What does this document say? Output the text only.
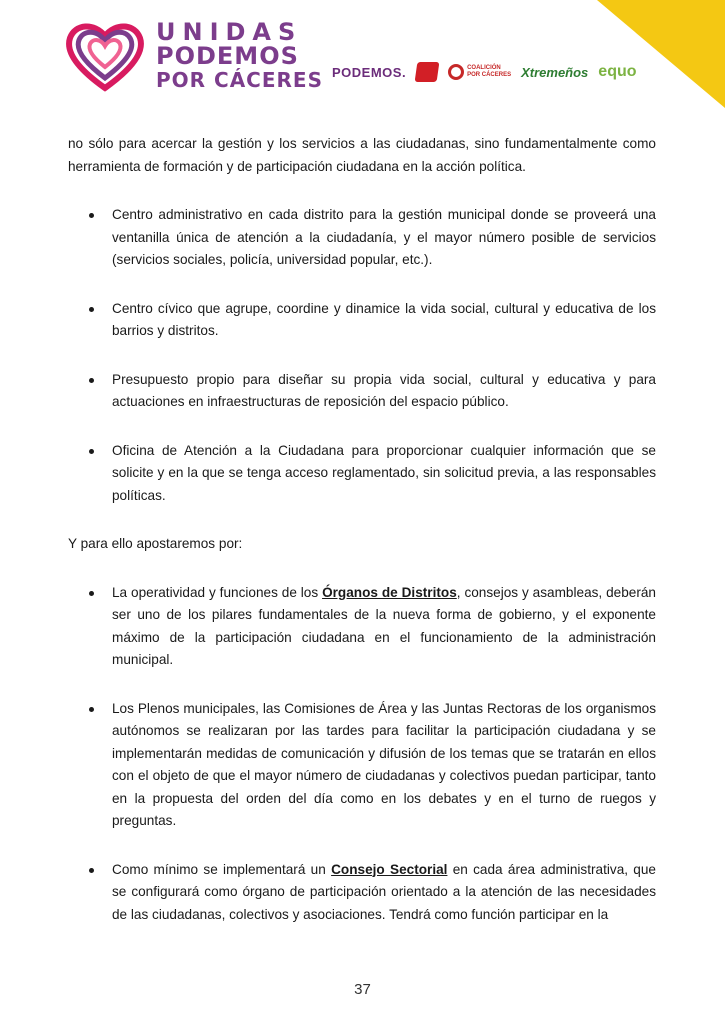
UNIDAS
PODEMOS
POR CÁCERES PODEMOS.	COALICIÓN
POR CÁCERES Xtremeños equo

no sólo para acercar la gestión y los servicios a las ciudadanas, sino fundamentalmente como herramienta de formación y de participación ciudadana en la acción política.

Centro administrativo en cada distrito para la gestión municipal donde se proveerá una ventanilla única de atención a la ciudadanía, y el mayor número posible de servicios (servicios sociales, policía, universidad popular, etc.).
Centro cívico que agrupe, coordine y dinamice la vida social, cultural y educativa de los barrios y distritos.
Presupuesto propio para diseñar su propia vida social, cultural y educativa y para actuaciones en infraestructuras de reposición del espacio público.
Oficina de Atención a la Ciudadana para proporcionar cualquier información que se solicite y en la que se tenga acceso reglamentado, sin solicitud previa, a las responsables políticas.

Y para ello apostaremos por:

La operatividad y funciones de los Órganos de Distritos, consejos y asambleas, deberán ser uno de los pilares fundamentales de la nueva forma de gobierno, y el exponente máximo de la participación ciudadana en el funcionamiento de la administración municipal.
Los Plenos municipales, las Comisiones de Área y las Juntas Rectoras de los organismos autónomos se realizaran por las tardes para facilitar la participación ciudadana y se implementarán medidas de comunicación y difusión de los temas que se tratarán en ellos con el objeto de que el mayor número de ciudadanas y colectivos puedan participar, tanto en la propuesta del orden del día como en los debates y en el turno de ruegos y preguntas.
Como mínimo se implementará un Consejo Sectorial en cada área administrativa, que se configurará como órgano de participación orientado a la atención de las necesidades de las ciudadanas, colectivos y asociaciones. Tendrá como función participar en la
37
